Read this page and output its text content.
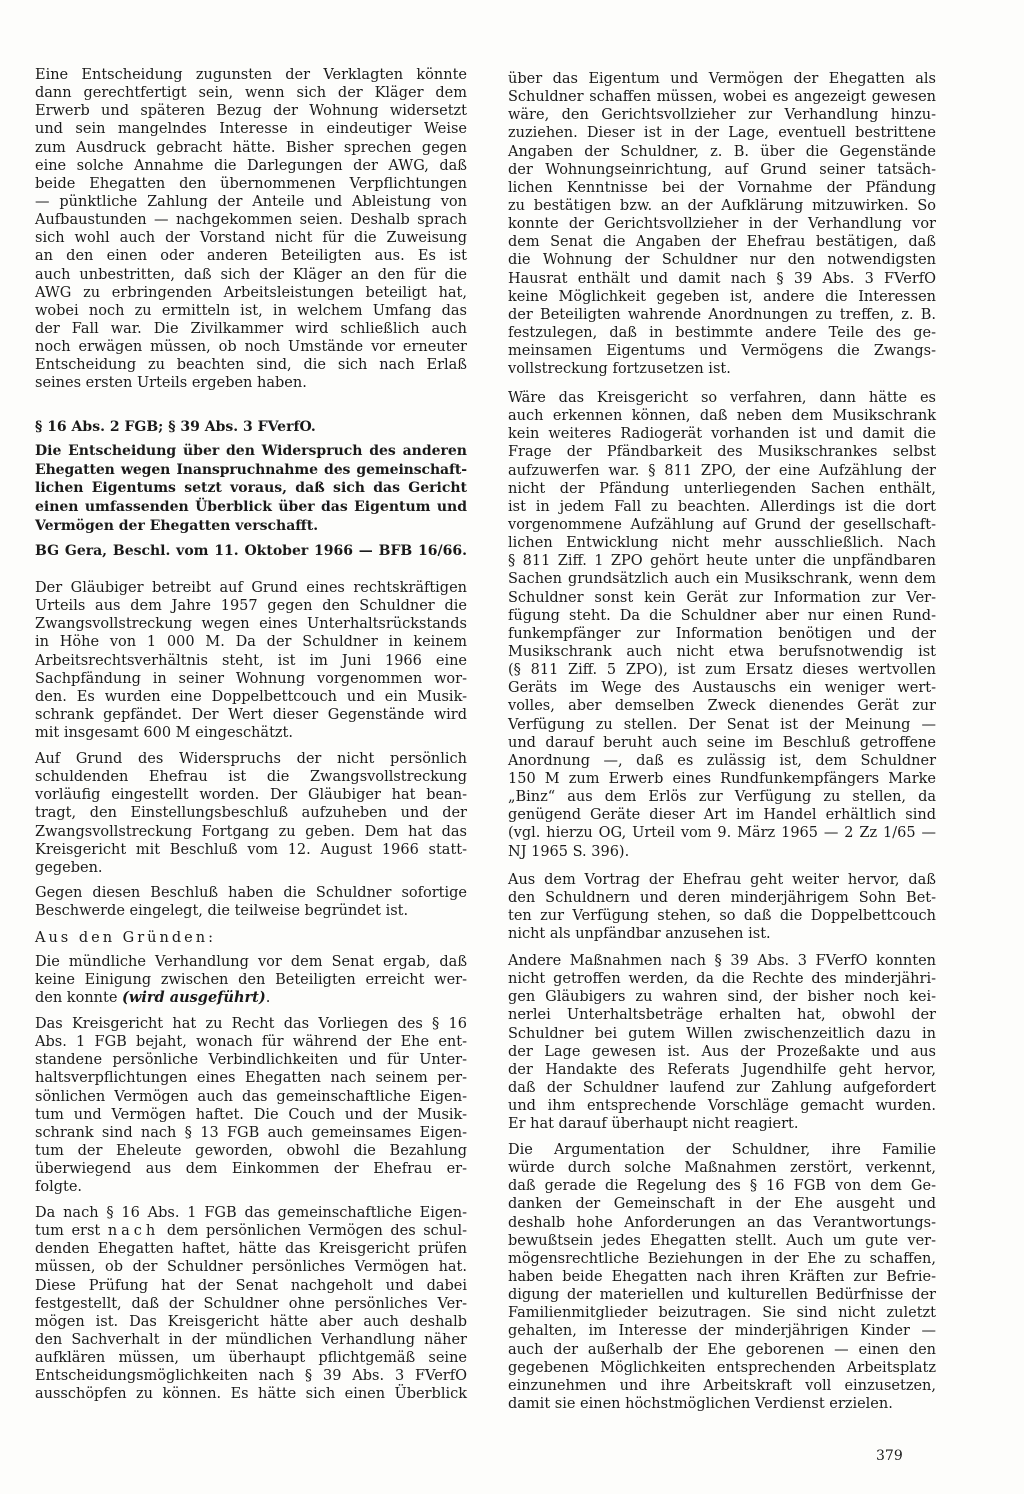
Eine Entscheidung zugunsten der Verklagten könnte
dann gerechtfertigt sein, wenn sich der Kläger dem
Erwerb und späteren Bezug der Wohnung widersetzt
und sein mangelndes Interesse in eindeutiger Weise
zum Ausdruck gebracht hätte. Bisher sprechen gegen
eine solche Annahme die Darlegungen der AWG, daß
beide Ehegatten den übernommenen Verpflichtungen
— pünktliche Zahlung der Anteile und Ableistung von
Aufbaustunden — nachgekommen seien. Deshalb sprach
sich wohl auch der Vorstand nicht für die Zuweisung
an den einen oder anderen Beteiligten aus. Es ist
auch unbestritten, daß sich der Kläger an den für die
AWG zu erbringenden Arbeitsleistungen beteiligt hat,
wobei noch zu ermitteln ist, in welchem Umfang das
der Fall war. Die Zivilkammer wird schließlich auch
noch erwägen müssen, ob noch Umstände vor erneuter
Entscheidung zu beachten sind, die sich nach Erlaß
seines ersten Urteils ergeben haben.
§ 16 Abs. 2 FGB; § 39 Abs. 3 FVerfO.
Die Entscheidung über den Widerspruch des anderen
Ehegatten wegen Inanspruchnahme des gemeinschaft-
lichen Eigentums setzt voraus, daß sich das Gericht
einen umfassenden Überblick über das Eigentum und
Vermögen der Ehegatten verschafft.
BG Gera, Beschl. vom 11. Oktober 1966 — BFB 16/66.
Der Gläubiger betreibt auf Grund eines rechtskräftigen
Urteils aus dem Jahre 1957 gegen den Schuldner die
Zwangsvollstreckung wegen eines Unterhaltsrückstands
in Höhe von 1 000 M. Da der Schuldner in keinem
Arbeitsrechtsverhältnis steht, ist im Juni 1966 eine
Sachpfändung in seiner Wohnung vorgenommen wor-
den. Es wurden eine Doppelbettcouch und ein Musik-
schrank gepfändet. Der Wert dieser Gegenstände wird
mit insgesamt 600 M eingeschätzt.
Auf Grund des Widerspruchs der nicht persönlich
schuldenden Ehefrau ist die Zwangsvollstreckung
vorläufig eingestellt worden. Der Gläubiger hat bean-
tragt, den Einstellungsbeschluß aufzuheben und der
Zwangsvollstreckung Fortgang zu geben. Dem hat das
Kreisgericht mit Beschluß vom 12. August 1966 statt-
gegeben.
Gegen diesen Beschluß haben die Schuldner sofortige
Beschwerde eingelegt, die teilweise begründet ist.
Aus den Gründen:
Die mündliche Verhandlung vor dem Senat ergab, daß
keine Einigung zwischen den Beteiligten erreicht wer-
den konnte (wird ausgeführt).
Das Kreisgericht hat zu Recht das Vorliegen des § 16
Abs. 1 FGB bejaht, wonach für während der Ehe ent-
standene persönliche Verbindlichkeiten und für Unter-
haltsverpflichtungen eines Ehegatten nach seinem per-
sönlichen Vermögen auch das gemeinschaftliche Eigen-
tum und Vermögen haftet. Die Couch und der Musik-
schrank sind nach § 13 FGB auch gemeinsames Eigen-
tum der Eheleute geworden, obwohl die Bezahlung
überwiegend aus dem Einkommen der Ehefrau er-
folgte.
Da nach § 16 Abs. 1 FGB das gemeinschaftliche Eigen-
tum erst nach dem persönlichen Vermögen des schul-
denden Ehegatten haftet, hätte das Kreisgericht prüfen
müssen, ob der Schuldner persönliches Vermögen hat.
Diese Prüfung hat der Senat nachgeholt und dabei
festgestellt, daß der Schuldner ohne persönliches Ver-
mögen ist. Das Kreisgericht hätte aber auch deshalb
den Sachverhalt in der mündlichen Verhandlung näher
aufklären müssen, um überhaupt pflichtgemäß seine
Entscheidungsmöglichkeiten nach § 39 Abs. 3 FVerfO
ausschöpfen zu können. Es hätte sich einen Überblick
über das Eigentum und Vermögen der Ehegatten als
Schuldner schaffen müssen, wobei es angezeigt gewesen
wäre, den Gerichtsvollzieher zur Verhandlung hinzu-
zuziehen. Dieser ist in der Lage, eventuell bestrittene
Angaben der Schuldner, z. B. über die Gegenstände
der Wohnungseinrichtung, auf Grund seiner tatsäch-
lichen Kenntnisse bei der Vornahme der Pfändung
zu bestätigen bzw. an der Aufklärung mitzuwirken. So
konnte der Gerichtsvollzieher in der Verhandlung vor
dem Senat die Angaben der Ehefrau bestätigen, daß
die Wohnung der Schuldner nur den notwendigsten
Hausrat enthält und damit nach § 39 Abs. 3 FVerfO
keine Möglichkeit gegeben ist, andere die Interessen
der Beteiligten wahrende Anordnungen zu treffen, z. B.
festzulegen, daß in bestimmte andere Teile des ge-
meinsamen Eigentums und Vermögens die Zwangs-
vollstreckung fortzusetzen ist.
Wäre das Kreisgericht so verfahren, dann hätte es
auch erkennen können, daß neben dem Musikschrank
kein weiteres Radiogerät vorhanden ist und damit die
Frage der Pfändbarkeit des Musikschrankes selbst
aufzuwerfen war. § 811 ZPO, der eine Aufzählung der
nicht der Pfändung unterliegenden Sachen enthält,
ist in jedem Fall zu beachten. Allerdings ist die dort
vorgenommene Aufzählung auf Grund der gesellschaft-
lichen Entwicklung nicht mehr ausschließlich. Nach
§ 811 Ziff. 1 ZPO gehört heute unter die unpfändbaren
Sachen grundsätzlich auch ein Musikschrank, wenn dem
Schuldner sonst kein Gerät zur Information zur Ver-
fügung steht. Da die Schuldner aber nur einen Rund-
funkempfänger zur Information benötigen und der
Musikschrank auch nicht etwa berufsnotwendig ist
(§ 811 Ziff. 5 ZPO), ist zum Ersatz dieses wertvollen
Geräts im Wege des Austauschs ein weniger wert-
volles, aber demselben Zweck dienendes Gerät zur
Verfügung zu stellen. Der Senat ist der Meinung —
und darauf beruht auch seine im Beschluß getroffene
Anordnung —, daß es zulässig ist, dem Schuldner
150 M zum Erwerb eines Rundfunkempfängers Marke
„Binz“ aus dem Erlös zur Verfügung zu stellen, da
genügend Geräte dieser Art im Handel erhältlich sind
(vgl. hierzu OG, Urteil vom 9. März 1965 — 2 Zz 1/65 —
NJ 1965 S. 396).
Aus dem Vortrag der Ehefrau geht weiter hervor, daß
den Schuldnern und deren minderjährigem Sohn Bet-
ten zur Verfügung stehen, so daß die Doppelbettcouch
nicht als unpfändbar anzusehen ist.
Andere Maßnahmen nach § 39 Abs. 3 FVerfO konnten
nicht getroffen werden, da die Rechte des minderjähri-
gen Gläubigers zu wahren sind, der bisher noch kei-
nerlei Unterhaltsbeträge erhalten hat, obwohl der
Schuldner bei gutem Willen zwischenzeitlich dazu in
der Lage gewesen ist. Aus der Prozeßakte und aus
der Handakte des Referats Jugendhilfe geht hervor,
daß der Schuldner laufend zur Zahlung aufgefordert
und ihm entsprechende Vorschläge gemacht wurden.
Er hat darauf überhaupt nicht reagiert.
Die Argumentation der Schuldner, ihre Familie
würde durch solche Maßnahmen zerstört, verkennt,
daß gerade die Regelung des § 16 FGB von dem Ge-
danken der Gemeinschaft in der Ehe ausgeht und
deshalb hohe Anforderungen an das Verantwortungs-
bewußtsein jedes Ehegatten stellt. Auch um gute ver-
mögensrechtliche Beziehungen in der Ehe zu schaffen,
haben beide Ehegatten nach ihren Kräften zur Befrie-
digung der materiellen und kulturellen Bedürfnisse der
Familienmitglieder beizutragen. Sie sind nicht zuletzt
gehalten, im Interesse der minderjährigen Kinder —
auch der außerhalb der Ehe geborenen — einen den
gegebenen Möglichkeiten entsprechenden Arbeitsplatz
einzunehmen und ihre Arbeitskraft voll einzusetzen,
damit sie einen höchstmöglichen Verdienst erzielen.
379
